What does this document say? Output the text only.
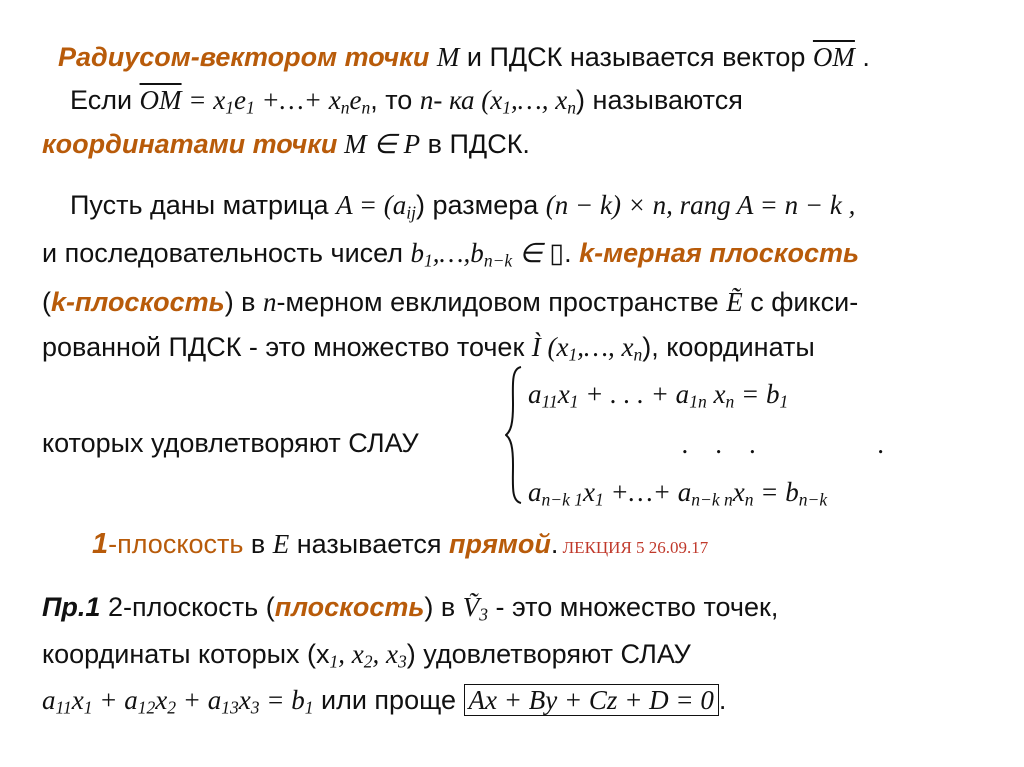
Радиусом-вектором точки M и ПДСК называется вектор $\overline{OM}$ .
Если $\overline{OM} = x_1e_1$ +…+ $x_ne_n$, то n- ка ($x_1,\dots$, $x_n$) называются
координатами точки M ∈ P в ПДСК.
Пусть даны матрица $A = (a_{ij})$ размера (n − k) × n, rang A = n − k ,
и последовательность чисел $b_1,\dots,b_{n-k}$ ∈ ▯. k-мерная плоскость
(k-плоскость) в n-мерном евклидовом пространстве Ẽ с фикси-
рованной ПДСК - это множество точек Ì ($x_1,\dots$, $x_n$), координаты
$a_{11}x_1$ + . . . + $a_{1n}$ $x_n = b_1$
.    .    .                  .
$a_{n-k 1}x_1$ +…+ $a_{n-k n}x_n = b_{n-k}$
которых удовлетворяют СЛАУ
1-плоскость в E называется прямой. ЛЕКЦИЯ 5 26.09.17
Пр.1 2-плоскость (плоскость) в Ṽ$_3$ - это множество точек,
координаты которых ($x_1$, $x_2$, $x_3$) удовлетворяют СЛАУ
$a_{11}x_1 + a_{12}x_2 + a_{13}x_3 = b_1$ или проще Ax + By + Cz + D = 0 .
